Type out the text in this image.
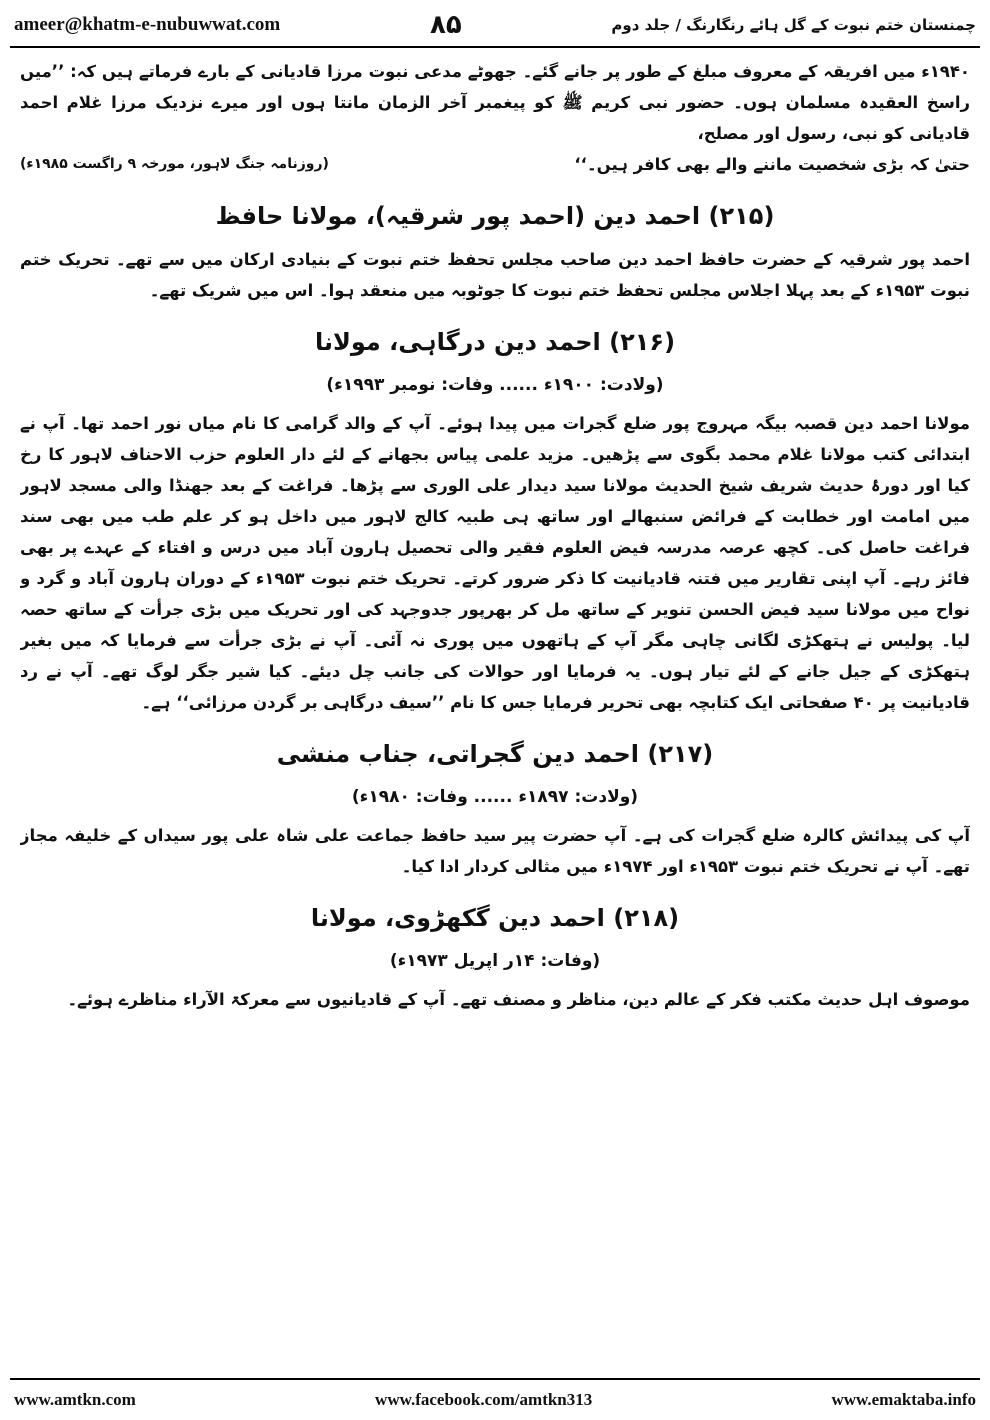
ameer@khatm-e-nubuwwat.com	۸۵	چمنستان ختم نبوت کے گل ہائے رنگارنگ / جلد دوم
۱۹۴۰ء میں افریقہ کے معروف مبلغ کے طور پر جانے گئے۔ جھوٹے مدعی نبوت مرزا قادیانی کے بارے فرماتے ہیں کہ: ’’میں راسخ العقیدہ مسلمان ہوں۔ حضور نبی کریم ﷺ کو پیغمبر آخر الزمان مانتا ہوں اور میرے نزدیک مرزا غلام احمد قادیانی کو نبی، رسول اور مصلح،
حتیٰ کہ بڑی شخصیت ماننے والے بھی کافر ہیں۔‘‘
(روزنامہ جنگ لاہور، مورخہ ۹ راگست ۱۹۸۵ء)
(۲۱۵) احمد دین (احمد پور شرقیہ)، مولانا حافظ

احمد پور شرقیہ کے حضرت حافظ احمد دین صاحب مجلس تحفظ ختم نبوت کے بنیادی ارکان میں سے تھے۔ تحریک ختم نبوت ۱۹۵۳ء کے بعد پہلا اجلاس مجلس تحفظ ختم نبوت کا جوٹوبہ میں منعقد ہوا۔ اس میں شریک تھے۔

(۲۱۶) احمد دین درگاہی، مولانا
(ولادت: ۱۹۰۰ء ...... وفات: نومبر ۱۹۹۳ء)

مولانا احمد دین قصبہ بیگہ مہروج پور ضلع گجرات میں پیدا ہوئے۔ آپ کے والد گرامی کا نام میاں نور احمد تھا۔ آپ نے ابتدائی کتب مولانا غلام محمد بگوی سے پڑھیں۔ مزید علمی پیاس بجھانے کے لئے دار العلوم حزب الاحناف لاہور کا رخ کیا اور دورۂ حدیث شریف شیخ الحدیث مولانا سید دیدار علی الوری سے پڑھا۔ فراغت کے بعد جھنڈا والی مسجد لاہور میں امامت اور خطابت کے فرائض سنبھالے اور ساتھ ہی طبیہ کالج لاہور میں داخل ہو کر علم طب میں بھی سند فراغت حاصل کی۔ کچھ عرصہ مدرسہ فیض العلوم فقیر والی تحصیل ہارون آباد میں درس و افتاء کے عہدے پر بھی فائز رہے۔ آپ اپنی تقاریر میں فتنہ قادیانیت کا ذکر ضرور کرتے۔ تحریک ختم نبوت ۱۹۵۳ء کے دوران ہارون آباد و گرد و نواح میں مولانا سید فیض الحسن تنویر کے ساتھ مل کر بھرپور جدوجہد کی اور تحریک میں بڑی جرأت کے ساتھ حصہ لیا۔ پولیس نے ہتھکڑی لگانی چاہی مگر آپ کے ہاتھوں میں پوری نہ آئی۔ آپ نے بڑی جرأت سے فرمایا کہ میں بغیر ہتھکڑی کے جیل جانے کے لئے تیار ہوں۔ یہ فرمایا اور حوالات کی جانب چل دیئے۔ کیا شیر جگر لوگ تھے۔ آپ نے رد قادیانیت پر ۴۰ صفحاتی ایک کتابچہ بھی تحریر فرمایا جس کا نام ’’سیف درگاہی بر گردن مرزائی‘‘ ہے۔

(۲۱۷) احمد دین گجراتی، جناب منشی
(ولادت: ۱۸۹۷ء ...... وفات: ۱۹۸۰ء)

آپ کی پیدائش کالرہ ضلع گجرات کی ہے۔ آپ حضرت پیر سید حافظ جماعت علی شاہ علی پور سیداں کے خلیفہ مجاز تھے۔ آپ نے تحریک ختم نبوت ۱۹۵۳ء اور ۱۹۷۴ء میں مثالی کردار ادا کیا۔

(۲۱۸) احمد دین گکھڑوی، مولانا
(وفات: ۱۴ر اپریل ۱۹۷۳ء)

موصوف اہل حدیث مکتب فکر کے عالم دین، مناظر و مصنف تھے۔ آپ کے قادیانیوں سے معرکۃ الآراء مناظرے ہوئے۔

www.amtkn.com	www.facebook.com/amtkn313	www.emaktaba.info
